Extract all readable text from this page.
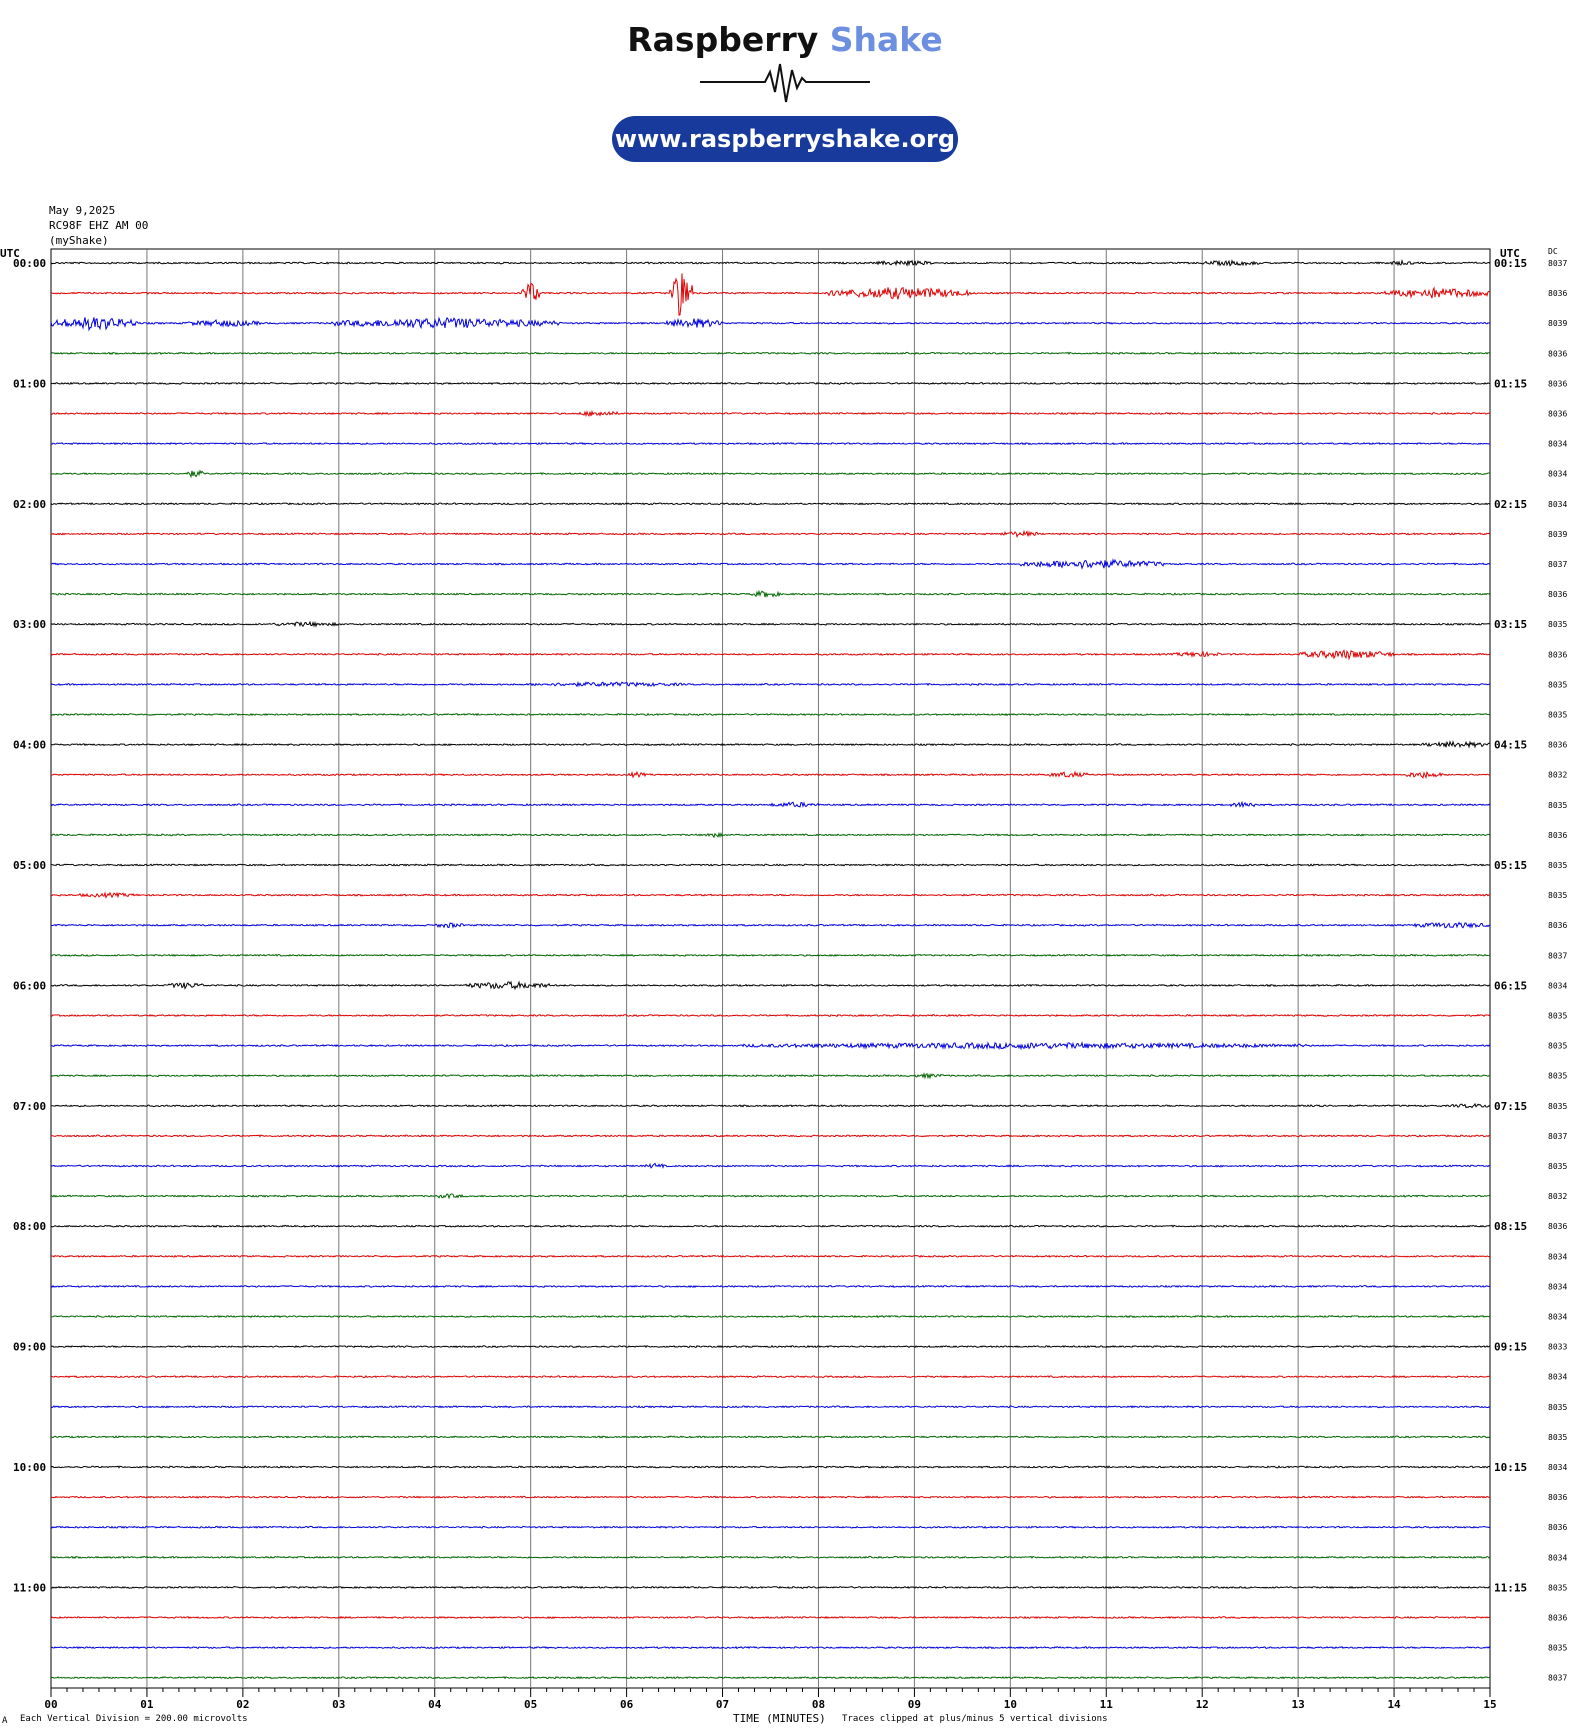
Raspberry Shake
www.raspberryshake.org
May 9,2025
RC98F EHZ AM 00
(myShake)
8037
8036
8039
8036
8036
8036
8034
8034
8034
8039
8037
8036
8035
8036
8035
8035
8036
8032
8035
8036
8035
8035
8036
8037
8034
8035
8035
8035
8035
8037
8035
8032
8036
8034
8034
8034
8033
8034
8035
8035
8034
8036
8036
8034
8035
8036
8035
8037
00:00
01:00
02:00
03:00
04:00
05:00
06:00
07:00
08:00
09:00
10:00
11:00
00:15
01:15
02:15
03:15
04:15
05:15
06:15
07:15
08:15
09:15
10:15
11:15
UTC	UTC	DC
00	01	02	03	04	05	06	07	08	09	10	11	12	13	14	15
A Each Vertical Division = 200.00 microvolts	TIME (MINUTES) Traces clipped at plus/minus 5 vertical divisions
